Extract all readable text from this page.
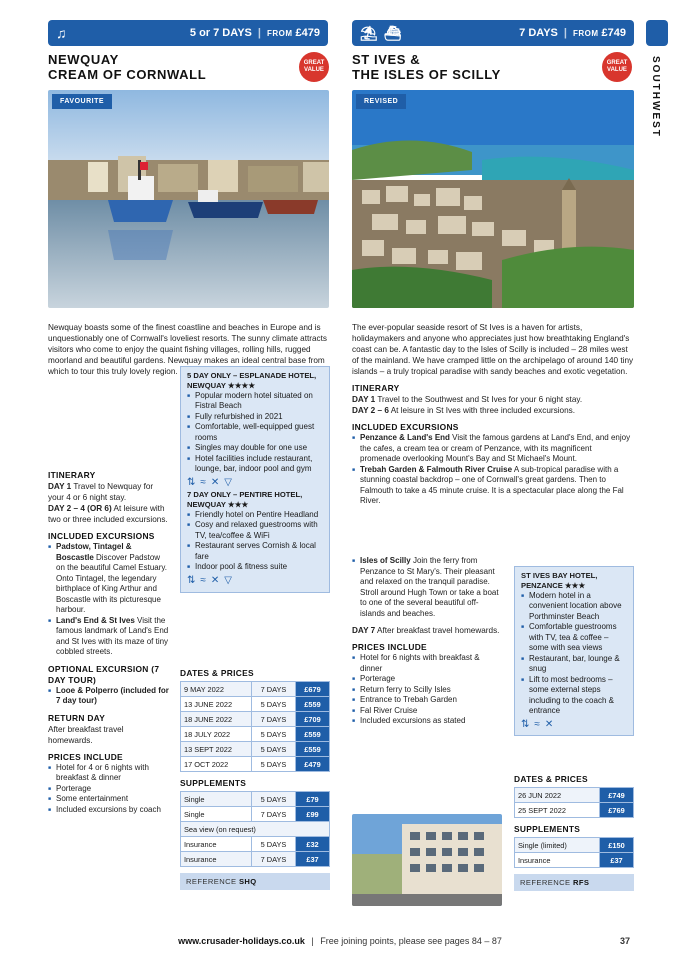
♫	5 or 7 DAYS | FROM £479
NEWQUAY
CREAM OF CORNWALL
GREAT VALUE
FAVOURITE
Newquay boasts some of the finest coastline and beaches in Europe and is unquestionably one of Cornwall's loveliest resorts. The sunny climate attracts visitors who come to enjoy the quaint fishing villages, rolling hills, rugged moorland and beautiful gardens. Newquay makes an ideal central base from which to tour this truly lovely region.
ITINERARY
DAY 1 Travel to Newquay for your 4 or 6 night stay.
DAY 2 – 4 (OR 6) At leisure with two or three included excursions.
INCLUDED EXCURSIONS
■ Padstow, Tintagel & Boscastle Discover Padstow on the beautiful Camel Estuary. Onto Tintagel, the legendary birthplace of King Arthur and Boscastle with its picturesque harbour.
■ Land's End & St Ives Visit the famous landmark of Land's End and St Ives with its maze of tiny cobbled streets.
OPTIONAL EXCURSION (7 DAY TOUR)
■ Looe & Polperro (included for 7 day tour)
RETURN DAY
After breakfast travel homewards.
PRICES INCLUDE
■ Hotel for 4 or 6 nights with breakfast & dinner
■ Porterage
■ Some entertainment
■ Included excursions by coach
5 DAY ONLY – ESPLANADE HOTEL, NEWQUAY ★★★★
■ Popular modern hotel situated on Fistral Beach
■ Fully refurbished in 2021
■ Comfortable, well-equipped guest rooms
■ Singles may double for one use
■ Hotel facilities include restaurant, lounge, bar, indoor pool and gym
⇅ ≈ ✕ ▽
7 DAY ONLY – PENTIRE HOTEL, NEWQUAY ★★★
■ Friendly hotel on Pentire Headland
■ Cosy and relaxed guestrooms with TV, tea/coffee & WiFi
■ Restaurant serves Cornish & local fare
■ Indoor pool & fitness suite
⇅ ≈ ✕ ▽
DATES & PRICES
9 MAY 2022	7 DAYS	£679
13 JUNE 2022	5 DAYS	£559
18 JUNE 2022	7 DAYS	£709
18 JULY 2022	5 DAYS	£559
13 SEPT 2022	5 DAYS	£559
17 OCT 2022	5 DAYS	£479
SUPPLEMENTS
Single	5 DAYS	£79
Single	7 DAYS	£99
Sea view (on request)		
Insurance	5 DAYS	£32
Insurance	7 DAYS	£37
REFERENCE SHQ
⛱ ⛴	7 DAYS | FROM £749
ST IVES &
THE ISLES OF SCILLY
GREAT VALUE
REVISED
The ever-popular seaside resort of St Ives is a haven for artists, holidaymakers and anyone who appreciates just how breathtaking England's coast can be. A fantastic day to the Isles of Scilly is included – 28 miles west of the mainland. We have cramped little on the archipelago of around 140 tiny islands – a truly tropical paradise with sandy beaches and exotic vegetation.
ITINERARY
DAY 1 Travel to the Southwest and St Ives for your 6 night stay.
DAY 2 – 6 At leisure in St Ives with three included excursions.
INCLUDED EXCURSIONS
■ Penzance & Land's End Visit the famous gardens at Land's End, and enjoy the cafes, a cream tea or cream of Penzance, with its magnificent promenade overlooking Mount's Bay and St Michael's Mount.
■ Trebah Garden & Falmouth River Cruise A sub-tropical paradise with a stunning coastal backdrop – one of Cornwall's great gardens. Then to Falmouth to take a 45 minute cruise. It is a spectacular place along the Fal River.
■ Isles of Scilly Join the ferry from Penzance to St Mary's. Their pleasant and relaxed on the tranquil paradise. Stroll around Hugh Town or take a boat to one of the several beautiful off-islands and beaches.
DAY 7 After breakfast travel homewards.
PRICES INCLUDE
■ Hotel for 6 nights with breakfast & dinner
■ Porterage
■ Return ferry to Scilly Isles
■ Entrance to Trebah Garden
■ Fal River Cruise
■ Included excursions as stated
ST IVES BAY HOTEL, PENZANCE ★★★
■ Modern hotel in a convenient location above Porthminster Beach
■ Comfortable guestrooms with TV, tea & coffee – some with sea views
■ Restaurant, bar, lounge & snug
■ Lift to most bedrooms – some external steps including to the coach & entrance
⇅ ≈ ✕
DATES & PRICES
26 JUN 2022	£749
25 SEPT 2022	£769
SUPPLEMENTS
Single (limited)	£150
Insurance	£37
REFERENCE RFS
SOUTHWEST
www.crusader-holidays.co.uk | Free joining points, please see pages 84 – 87	37
